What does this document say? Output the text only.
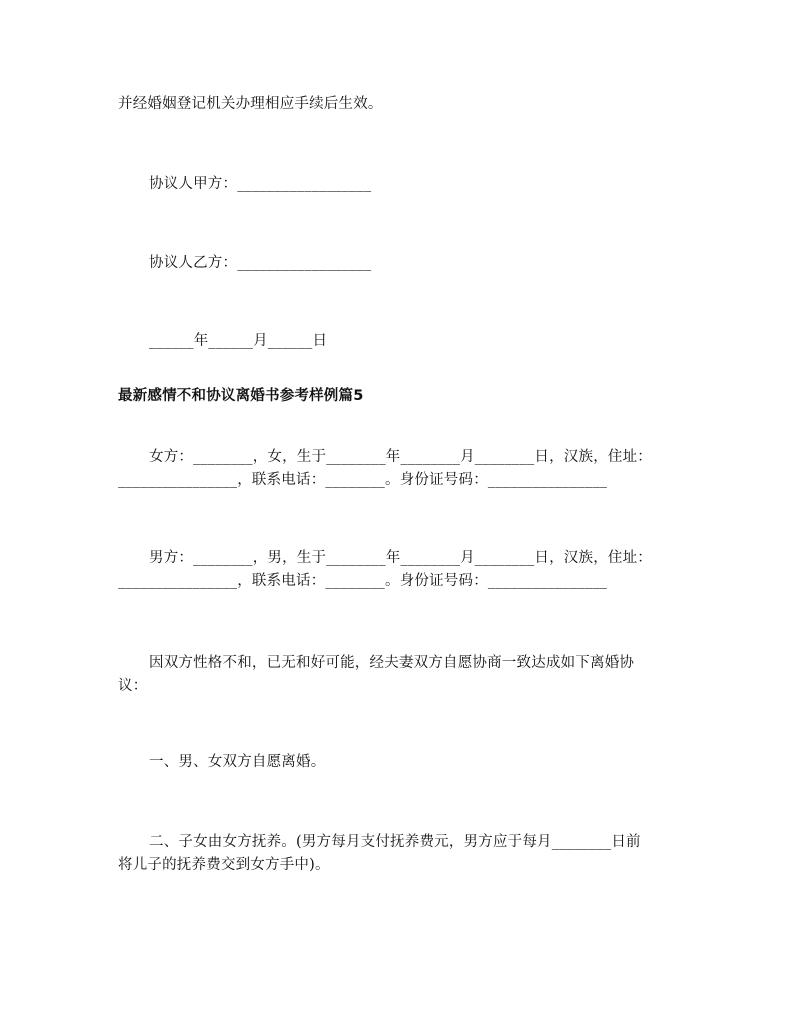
并经婚姻登记机关办理相应手续后生效。
协议人甲方：__________________
协议人乙方：__________________
______年______月______日
最新感情不和协议离婚书参考样例篇5
女方：________，女，生于________年________月________日，汉族，住址：
________________，联系电话：________。身份证号码：________________
男方：________，男，生于________年________月________日，汉族，住址：
________________，联系电话：________。身份证号码：________________
因双方性格不和，已无和好可能，经夫妻双方自愿协商一致达成如下离婚协
议：
一、男、女双方自愿离婚。
二、子女由女方抚养。(男方每月支付抚养费元，男方应于每月________日前
将儿子的抚养费交到女方手中)。
